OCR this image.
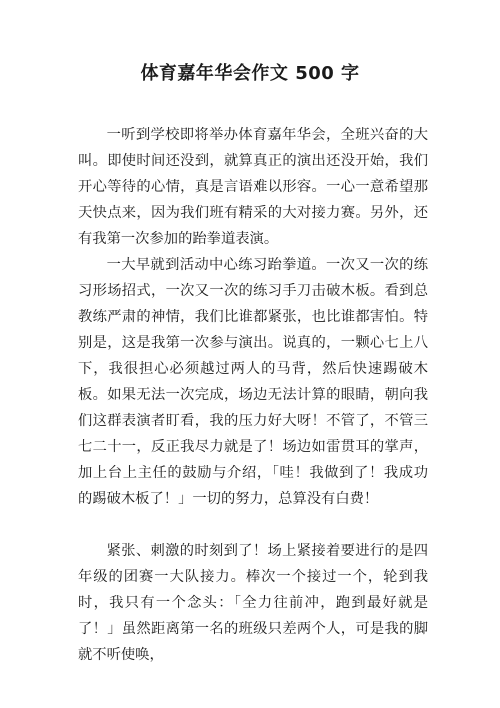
体育嘉年华会作文 500 字

一听到学校即将举办体育嘉年华会，全班兴奋的大叫。即使时间还没到，就算真正的演出还没开始，我们开心等待的心情，真是言语难以形容。一心一意希望那天快点来，因为我们班有精采的大对接力赛。另外，还有我第一次参加的跆拳道表演。

一大早就到活动中心练习跆拳道。一次又一次的练习形场招式，一次又一次的练习手刀击破木板。看到总教练严肃的神情，我们比谁都紧张，也比谁都害怕。特别是，这是我第一次参与演出。说真的，一颗心七上八下，我很担心必须越过两人的马背，然后快速踢破木板。如果无法一次完成，场边无法计算的眼睛，朝向我们这群表演者盯看，我的压力好大呀！不管了，不管三七二十一，反正我尽力就是了！场边如雷贯耳的掌声，加上台上主任的鼓励与介绍，「哇！我做到了！我成功的踢破木板了！」一切的努力，总算没有白费！

紧张、刺激的时刻到了！场上紧接着要进行的是四年级的团赛一大队接力。棒次一个接过一个，轮到我时，我只有一个念头：「全力往前冲，跑到最好就是了！」虽然距离第一名的班级只差两个人，可是我的脚就不听使唤，
